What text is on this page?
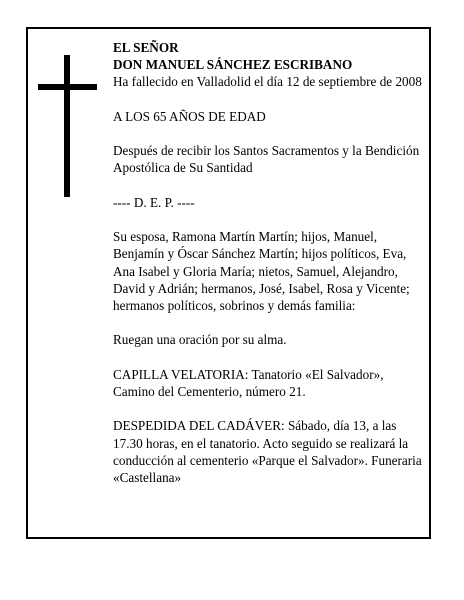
EL SEÑOR
DON MANUEL SÁNCHEZ ESCRIBANO

Ha fallecido en Valladolid el día 12 de septiembre de 2008

A LOS 65 AÑOS DE EDAD

Después de recibir los Santos Sacramentos y la Bendición Apostólica de Su Santidad

---- D. E. P. ----

Su esposa, Ramona Martín Martín; hijos, Manuel, Benjamín y Óscar Sánchez Martín; hijos políticos, Eva, Ana Isabel y Gloria María; nietos, Samuel, Alejandro, David y Adrián; hermanos, José, Isabel, Rosa y Vicente; hermanos políticos, sobrinos y demás familia:

Ruegan una oración por su alma.

CAPILLA VELATORIA: Tanatorio «El Salvador», Camino del Cementerio, número 21.

DESPEDIDA DEL CADÁVER: Sábado, día 13, a las 17.30 horas, en el tanatorio. Acto seguido se realizará la conducción al cementerio «Parque el Salvador». Funeraria «Castellana»
